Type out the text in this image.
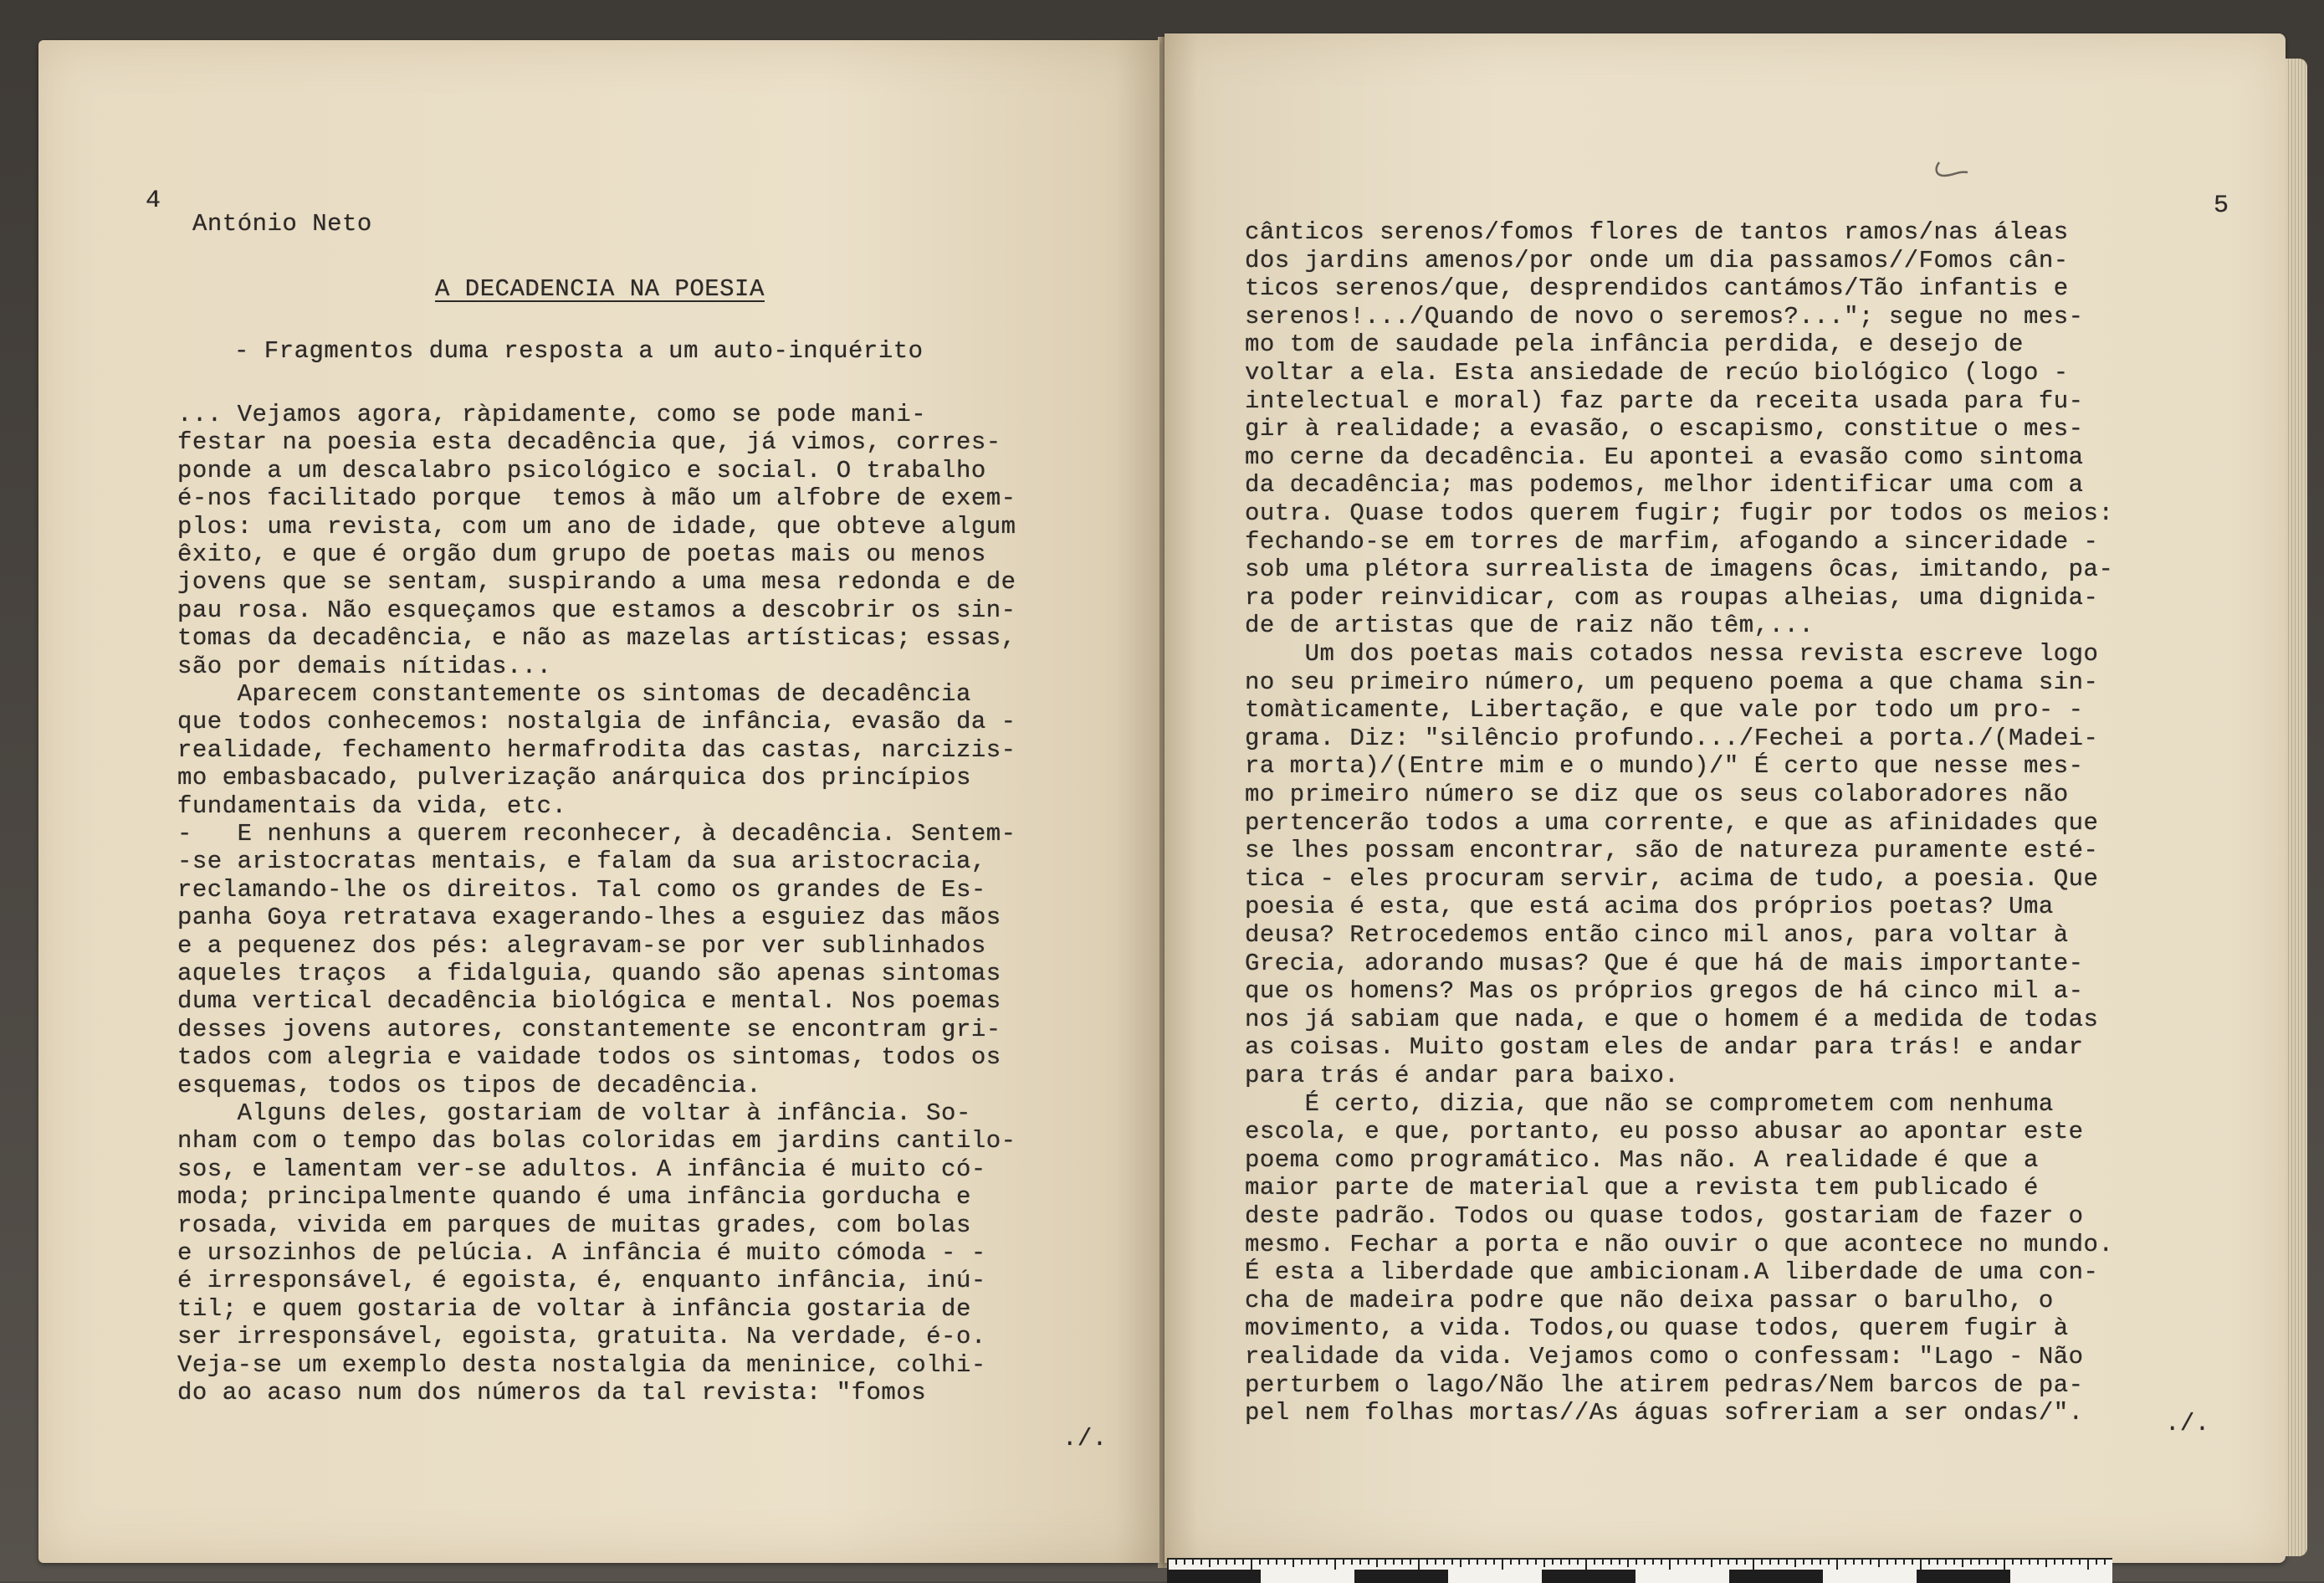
4
António Neto
A DECADENCIA NA POESIA
- Fragmentos duma resposta a um auto-inquérito
... Vejamos agora, ràpidamente, como se pode mani-
festar na poesia esta decadência que, já vimos, corres-
ponde a um descalabro psicológico e social. O trabalho
é-nos facilitado porque  temos à mão um alfobre de exem-
plos: uma revista, com um ano de idade, que obteve algum
êxito, e que é orgão dum grupo de poetas mais ou menos
jovens que se sentam, suspirando a uma mesa redonda e de
pau rosa. Não esqueçamos que estamos a descobrir os sin-
tomas da decadência, e não as mazelas artísticas; essas,
são por demais nítidas...
Aparecem constantemente os sintomas de decadência
que todos conhecemos: nostalgia de infância, evasão da -
realidade, fechamento hermafrodita das castas, narcizis-
mo embasbacado, pulverização anárquica dos princípios
fundamentais da vida, etc.
-   E nenhuns a querem reconhecer, à decadência. Sentem-
-se aristocratas mentais, e falam da sua aristocracia,
reclamando-lhe os direitos. Tal como os grandes de Es-
panha Goya retratava exagerando-lhes a esguiez das mãos
e a pequenez dos pés: alegravam-se por ver sublinhados
aqueles traços  a fidalguia, quando são apenas sintomas
duma vertical decadência biológica e mental. Nos poemas
desses jovens autores, constantemente se encontram gri-
tados com alegria e vaidade todos os sintomas, todos os
esquemas, todos os tipos de decadência.
Alguns deles, gostariam de voltar à infância. So-
nham com o tempo das bolas coloridas em jardins cantilo-
sos, e lamentam ver-se adultos. A infância é muito có-
moda; principalmente quando é uma infância gorducha e
rosada, vivida em parques de muitas grades, com bolas
e ursozinhos de pelúcia. A infância é muito cómoda - -
é irresponsável, é egoista, é, enquanto infância, inú-
til; e quem gostaria de voltar à infância gostaria de
ser irresponsável, egoista, gratuita. Na verdade, é-o.
Veja-se um exemplo desta nostalgia da meninice, colhi-
do ao acaso num dos números da tal revista: "fomos
./.
5
cânticos serenos/fomos flores de tantos ramos/nas áleas
dos jardins amenos/por onde um dia passamos//Fomos cân-
ticos serenos/que, desprendidos cantámos/Tão infantis e
serenos!.../Quando de novo o seremos?..."; segue no mes-
mo tom de saudade pela infância perdida, e desejo de
voltar a ela. Esta ansiedade de recúo biológico (logo -
intelectual e moral) faz parte da receita usada para fu-
gir à realidade; a evasão, o escapismo, constitue o mes-
mo cerne da decadência. Eu apontei a evasão como sintoma
da decadência; mas podemos, melhor identificar uma com a
outra. Quase todos querem fugir; fugir por todos os meios:
fechando-se em torres de marfim, afogando a sinceridade -
sob uma plétora surrealista de imagens ôcas, imitando, pa-
ra poder reinvidicar, com as roupas alheias, uma dignida-
de de artistas que de raiz não têm,...
Um dos poetas mais cotados nessa revista escreve logo
no seu primeiro número, um pequeno poema a que chama sin-
tomàticamente, Libertação, e que vale por todo um pro- -
grama. Diz: "silêncio profundo.../Fechei a porta./(Madei-
ra morta)/(Entre mim e o mundo)/" É certo que nesse mes-
mo primeiro número se diz que os seus colaboradores não
pertencerão todos a uma corrente, e que as afinidades que
se lhes possam encontrar, são de natureza puramente esté-
tica - eles procuram servir, acima de tudo, a poesia. Que
poesia é esta, que está acima dos próprios poetas? Uma
deusa? Retrocedemos então cinco mil anos, para voltar à
Grecia, adorando musas? Que é que há de mais importante-
que os homens? Mas os próprios gregos de há cinco mil a-
nos já sabiam que nada, e que o homem é a medida de todas
as coisas. Muito gostam eles de andar para trás! e andar
para trás é andar para baixo.
É certo, dizia, que não se comprometem com nenhuma
escola, e que, portanto, eu posso abusar ao apontar este
poema como programático. Mas não. A realidade é que a
maior parte de material que a revista tem publicado é
deste padrão. Todos ou quase todos, gostariam de fazer o
mesmo. Fechar a porta e não ouvir o que acontece no mundo.
É esta a liberdade que ambicionam.A liberdade de uma con-
cha de madeira podre que não deixa passar o barulho, o
movimento, a vida. Todos,ou quase todos, querem fugir à
realidade da vida. Vejamos como o confessam: "Lago - Não
perturbem o lago/Não lhe atirem pedras/Nem barcos de pa-
pel nem folhas mortas//As águas sofreriam a ser ondas/".	./.
